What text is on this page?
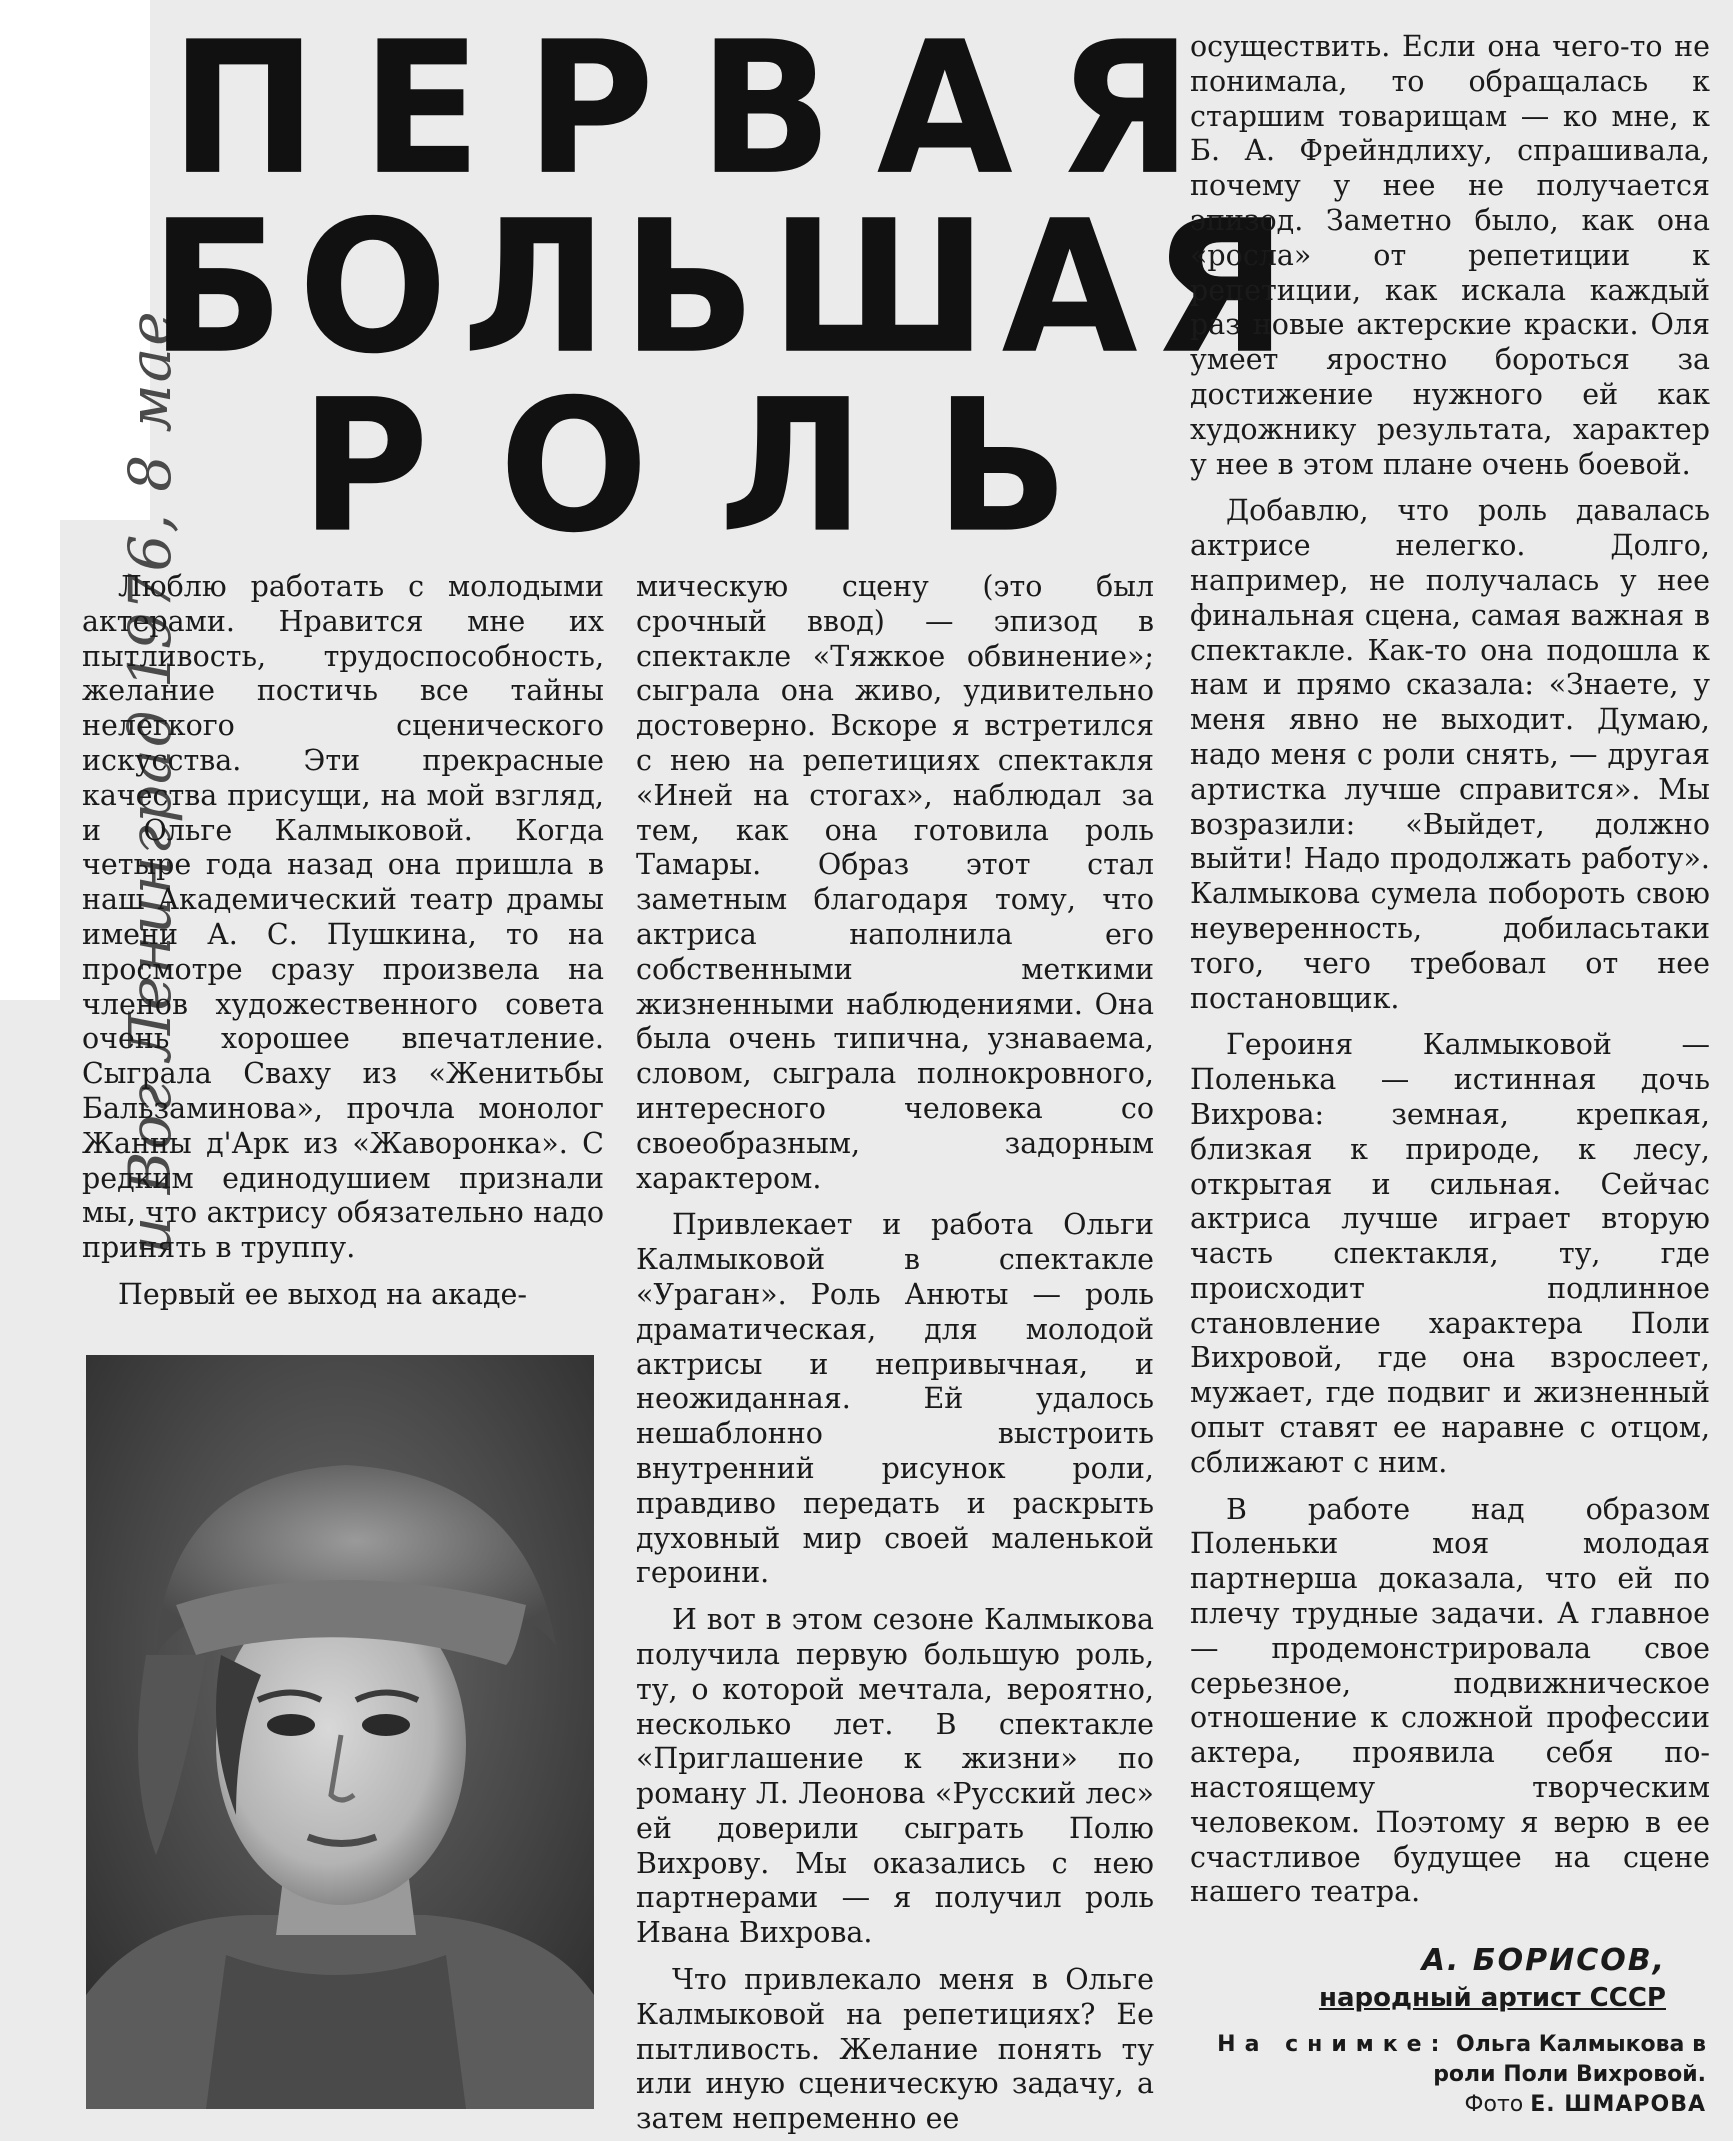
и Вог Ленинград 1976, 8 мае
ПЕРВАЯ
БОЛЬШАЯ
РОЛЬ

Люблю работать с молодыми актерами. Нравится мне их пытливость, трудоспособность, желание постичь все тайны нелегкого сценического искусства. Эти прекрасные качества присущи, на мой взгляд, и Ольге Калмыковой. Когда четыре года назад она пришла в наш Академический театр драмы имени А. С. Пушкина, то на просмотре сразу произвела на членов художественного совета очень хорошее впечатление. Сыграла Сваху из «Женитьбы Бальзаминова», прочла монолог Жанны д'Арк из «Жаворонка». С редким единодушием признали мы, что актрису обязательно надо принять в труппу.

Первый ее выход на акаде-

мическую сцену (это был срочный ввод) — эпизод в спектакле «Тяжкое обвинение»; сыграла она живо, удивительно достоверно. Вскоре я встретился с нею на репетициях спектакля «Иней на стогах», наблюдал за тем, как она готовила роль Тамары. Образ этот стал заметным благодаря тому, что актриса наполнила его собственными меткими жизненными наблюдениями. Она была очень типична, узнаваема, словом, сыграла полнокровного, интересного человека со своеобразным, задорным характером.

Привлекает и работа Ольги Калмыковой в спектакле «Ураган». Роль Анюты — роль драматическая, для молодой актрисы и непривычная, и неожиданная. Ей удалось нешаблонно выстроить внутренний рисунок роли, правдиво передать и раскрыть духовный мир своей маленькой героини.

И вот в этом сезоне Калмыкова получила первую большую роль, ту, о которой мечтала, вероятно, несколько лет. В спектакле «Приглашение к жизни» по роману Л. Леонова «Русский лес» ей доверили сыграть Полю Вихрову. Мы оказались с нею партнерами — я получил роль Ивана Вихрова.

Что привлекало меня в Ольге Калмыковой на репетициях? Ее пытливость. Желание понять ту или иную сценическую задачу, а затем непременно ее

осуществить. Если она чего-то не понимала, то обращалась к старшим товарищам — ко мне, к Б. А. Фрейндлиху, спрашивала, почему у нее не получается эпизод. Заметно было, как она «росла» от репетиции к репетиции, как искала каждый раз новые актерские краски. Оля умеет яростно бороться за достижение нужного ей как художнику результата, характер у нее в этом плане очень боевой.

Добавлю, что роль давалась актрисе нелегко. Долго, например, не получалась у нее финальная сцена, самая важная в спектакле. Как-то она подошла к нам и прямо сказала: «Знаете, у меня явно не выходит. Думаю, надо меня с роли снять, — другая артистка лучше справится». Мы возразили: «Выйдет, должно выйти! Надо продолжать работу». Калмыкова сумела побороть свою неуверенность, добиласьтаки того, чего требовал от нее постановщик.

Героиня Калмыковой — Поленька — истинная дочь Вихрова: земная, крепкая, близкая к природе, к лесу, открытая и сильная. Сейчас актриса лучше играет вторую часть спектакля, ту, где происходит подлинное становление характера Поли Вихровой, где она взрослеет, мужает, где подвиг и жизненный опыт ставят ее наравне с отцом, сближают с ним.

В работе над образом Поленьки моя молодая партнерша доказала, что ей по плечу трудные задачи. А главное — продемонстрировала свое серьезное, подвижническое отношение к сложной профессии актера, проявила себя по-настоящему творческим человеком. Поэтому я верю в ее счастливое будущее на сцене нашего театра.

А. БОРИСОВ,
народный артист СССР
На снимке: Ольга Калмыкова в роли Поли Вихровой.
Фото Е. ШМАРОВА
